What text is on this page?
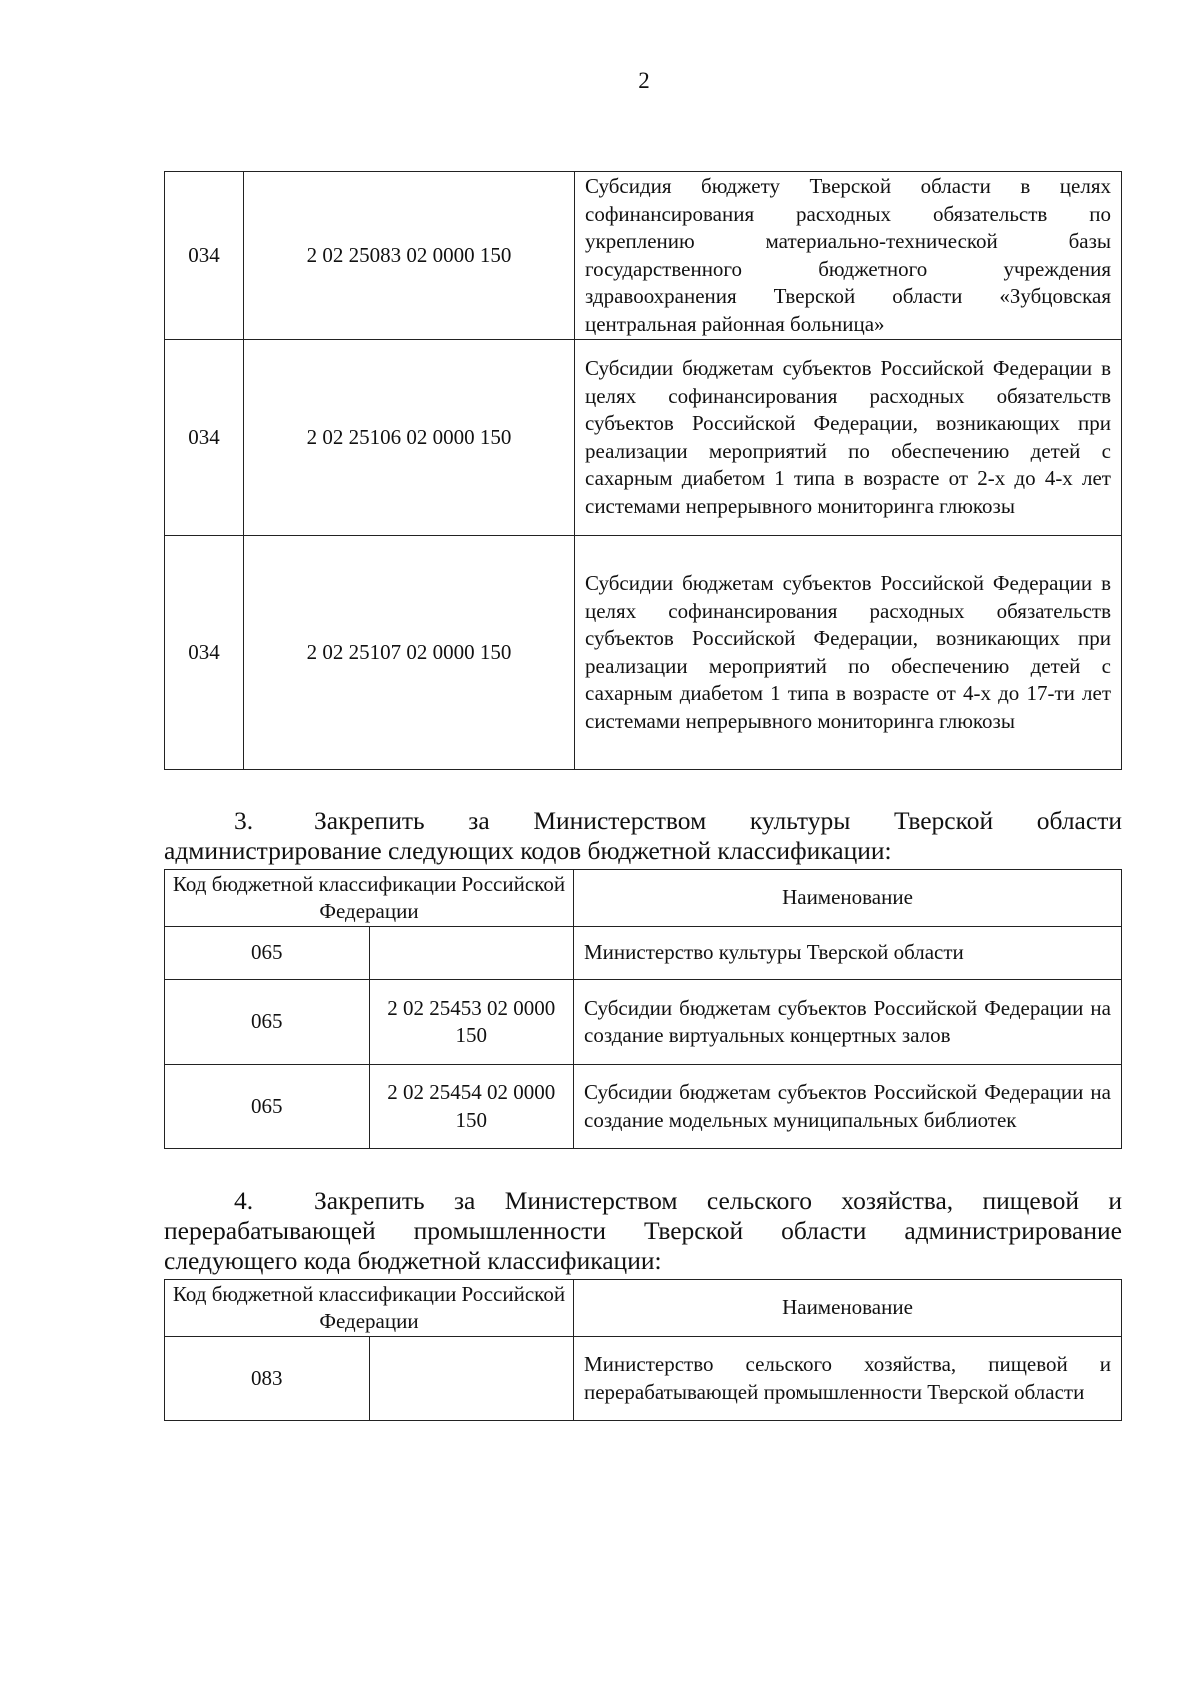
2
034	2 02 25083 02 0000 150	Субсидия бюджету Тверской области в целях софинансирования расходных обязательств по укреплению материально-технической базы государственного бюджетного учреждения здравоохранения Тверской области «Зубцовская центральная районная больница»
034	2 02 25106 02 0000 150	Субсидии бюджетам субъектов Российской Федерации в целях софинансирования расходных обязательств субъектов Российской Федерации, возникающих при реализации мероприятий по обеспечению детей с сахарным диабетом 1 типа в возрасте от 2-х до 4-х лет системами непрерывного мониторинга глюкозы
034	2 02 25107 02 0000 150	Субсидии бюджетам субъектов Российской Федерации в целях софинансирования расходных обязательств субъектов Российской Федерации, возникающих при реализации мероприятий по обеспечению детей с сахарным диабетом 1 типа в возрасте от 4-х до 17-ти лет системами непрерывного мониторинга глюкозы

3. Закрепить за Министерством культуры Тверской области администрирование следующих кодов бюджетной классификации:

Код бюджетной классификации Российской Федерации		Наименование
065		Министерство культуры Тверской области
065	2 02 25453 02 0000 150	Субсидии бюджетам субъектов Российской Федерации на создание виртуальных концертных залов
065	2 02 25454 02 0000 150	Субсидии бюджетам субъектов Российской Федерации на создание модельных муниципальных библиотек

4. Закрепить за Министерством сельского хозяйства, пищевой и перерабатывающей промышленности Тверской области администрирование следующего кода бюджетной классификации:

Код бюджетной классификации Российской Федерации		Наименование
083		Министерство сельского хозяйства, пищевой и перерабатывающей промышленности Тверской области
